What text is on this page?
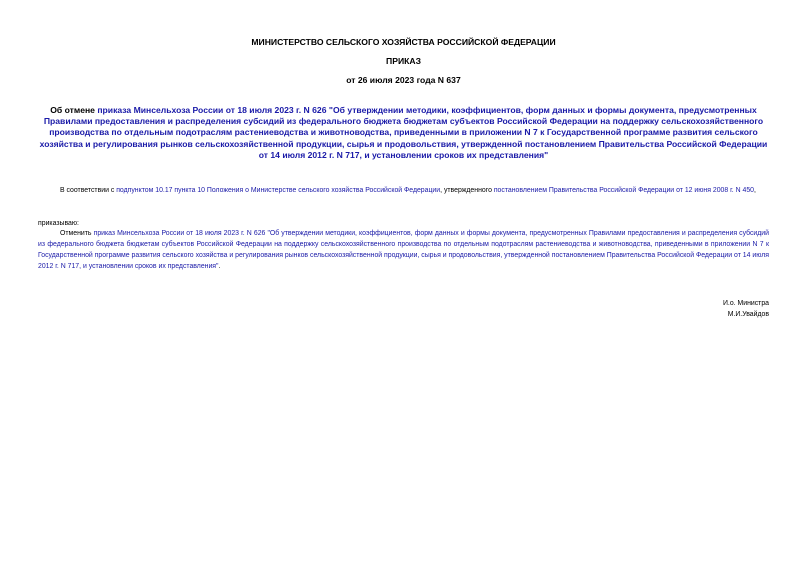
МИНИСТЕРСТВО СЕЛЬСКОГО ХОЗЯЙСТВА РОССИЙСКОЙ ФЕДЕРАЦИИ
ПРИКАЗ
от 26 июля 2023 года N 637
Об отмене приказа Минсельхоза России от 18 июля 2023 г. N 626 "Об утверждении методики, коэффициентов, форм данных и формы документа, предусмотренных Правилами предоставления и распределения субсидий из федерального бюджета бюджетам субъектов Российской Федерации на поддержку сельскохозяйственного производства по отдельным подотраслям растениеводства и животноводства, приведенными в приложении N 7 к Государственной программе развития сельского хозяйства и регулирования рынков сельскохозяйственной продукции, сырья и продовольствия, утвержденной постановлением Правительства Российской Федерации от 14 июля 2012 г. N 717, и установлении сроков их представления"
В соответствии с подпунктом 10.17 пункта 10 Положения о Министерстве сельского хозяйства Российской Федерации, утвержденного постановлением Правительства Российской Федерации от 12 июня 2008 г. N 450,
приказываю:
Отменить приказ Минсельхоза России от 18 июля 2023 г. N 626 "Об утверждении методики, коэффициентов, форм данных и формы документа, предусмотренных Правилами предоставления и распределения субсидий из федерального бюджета бюджетам субъектов Российской Федерации на поддержку сельскохозяйственного производства по отдельным подотраслям растениеводства и животноводства, приведенными в приложении N 7 к Государственной программе развития сельского хозяйства и регулирования рынков сельскохозяйственной продукции, сырья и продовольствия, утвержденной постановлением Правительства Российской Федерации от 14 июля 2012 г. N 717, и установлении сроков их представления".
И.о. Министра
М.И.Увайдов
